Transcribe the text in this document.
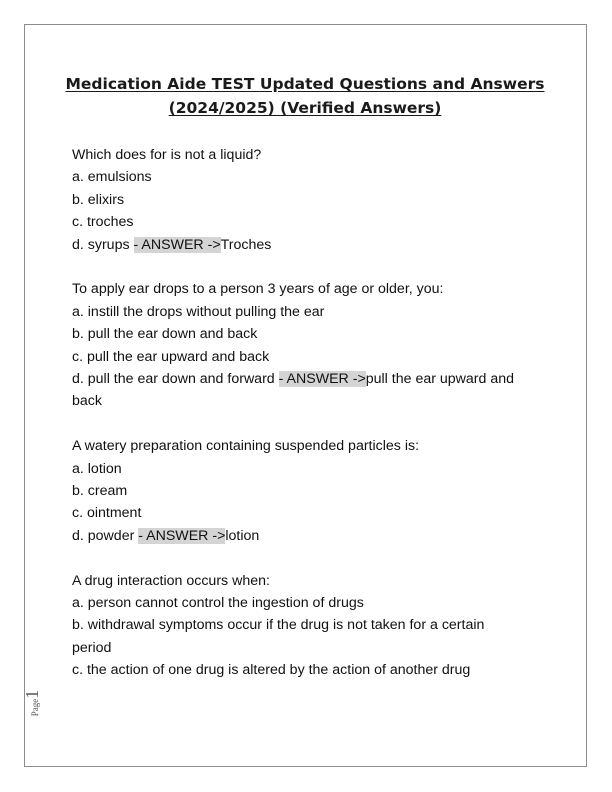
Medication Aide TEST Updated Questions and Answers
(2024/2025) (Verified Answers)
Which does for is not a liquid?
a. emulsions
b. elixirs
c. troches
d. syrups - ANSWER ->Troches
To apply ear drops to a person 3 years of age or older, you:
a. instill the drops without pulling the ear
b. pull the ear down and back
c. pull the ear upward and back
d. pull the ear down and forward - ANSWER ->pull the ear upward and
back
A watery preparation containing suspended particles is:
a. lotion
b. cream
c. ointment
d. powder - ANSWER ->lotion
A drug interaction occurs when:
a. person cannot control the ingestion of drugs
b. withdrawal symptoms occur if the drug is not taken for a certain
period
c. the action of one drug is altered by the action of another drug
Page
1
